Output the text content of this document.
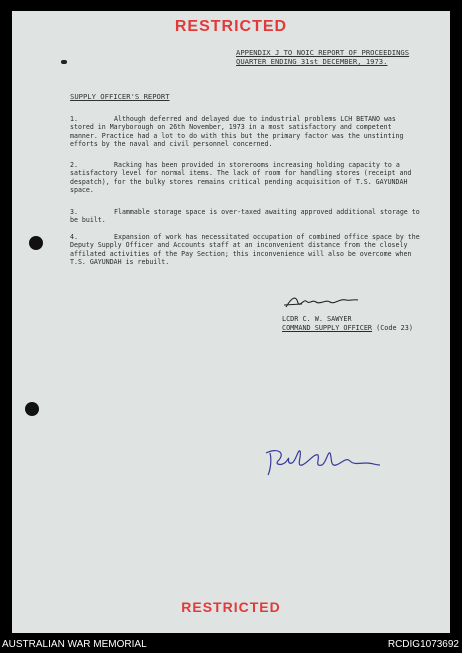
RESTRICTED
APPENDIX J TO NOIC REPORT OF PROCEEDINGS
QUARTER ENDING 31st DECEMBER, 1973.
SUPPLY OFFICER'S REPORT

1.	Although deferred and delayed due to industrial problems LCH BETANO was stored in Maryborough on 26th November, 1973 in a most satisfactory and competent manner. Practice had a lot to do with this but the primary factor was the unstinting efforts by the naval and civil personnel concerned.

2.	Racking has been provided in storerooms increasing holding capacity to a satisfactory level for normal items. The lack of room for handling stores (receipt and despatch), for the bulky stores remains critical pending acquisition of T.S. GAYUNDAH space.

3.	Flammable storage space is over-taxed awaiting approved additional storage to be built.

4.	Expansion of work has necessitated occupation of combined office space by the Deputy Supply Officer and Accounts staff at an inconvenient distance from the closely affilated activities of the Pay Section; this inconvenience will also be overcome when T.S. GAYUNDAH is rebuilt.

LCDR C. W. SAWYER
COMMAND SUPPLY OFFICER (Code 23)
RESTRICTED
AUSTRALIAN WAR MEMORIAL	RCDIG1073692
